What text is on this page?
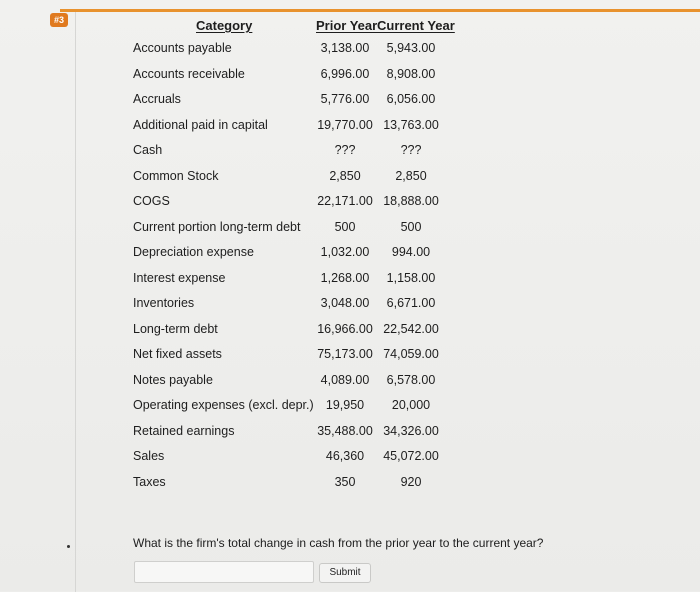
#3	Category	Prior Year Current Year
Accounts payable	3,138.00	5,943.00
Accounts receivable	6,996.00	8,908.00
Accruals	5,776.00	6,056.00
Additional paid in capital	19,770.00 13,763.00
Cash	???	???
Common Stock	2,850	2,850
COGS	22,171.00 18,888.00
Current portion long-term debt	500	500
Depreciation expense	1,032.00	994.00
Interest expense	1,268.00	1,158.00
Inventories	3,048.00	6,671.00
Long-term debt	16,966.00 22,542.00
Net fixed assets	75,173.00 74,059.00
Notes payable	4,089.00	6,578.00
Operating expenses (excl. depr.) 19,950	20,000
Retained earnings	35,488.00 34,326.00
Sales	46,360	45,072.00
Taxes	350	920
What is the firm's total change in cash from the prior year to the current year?
Submit
